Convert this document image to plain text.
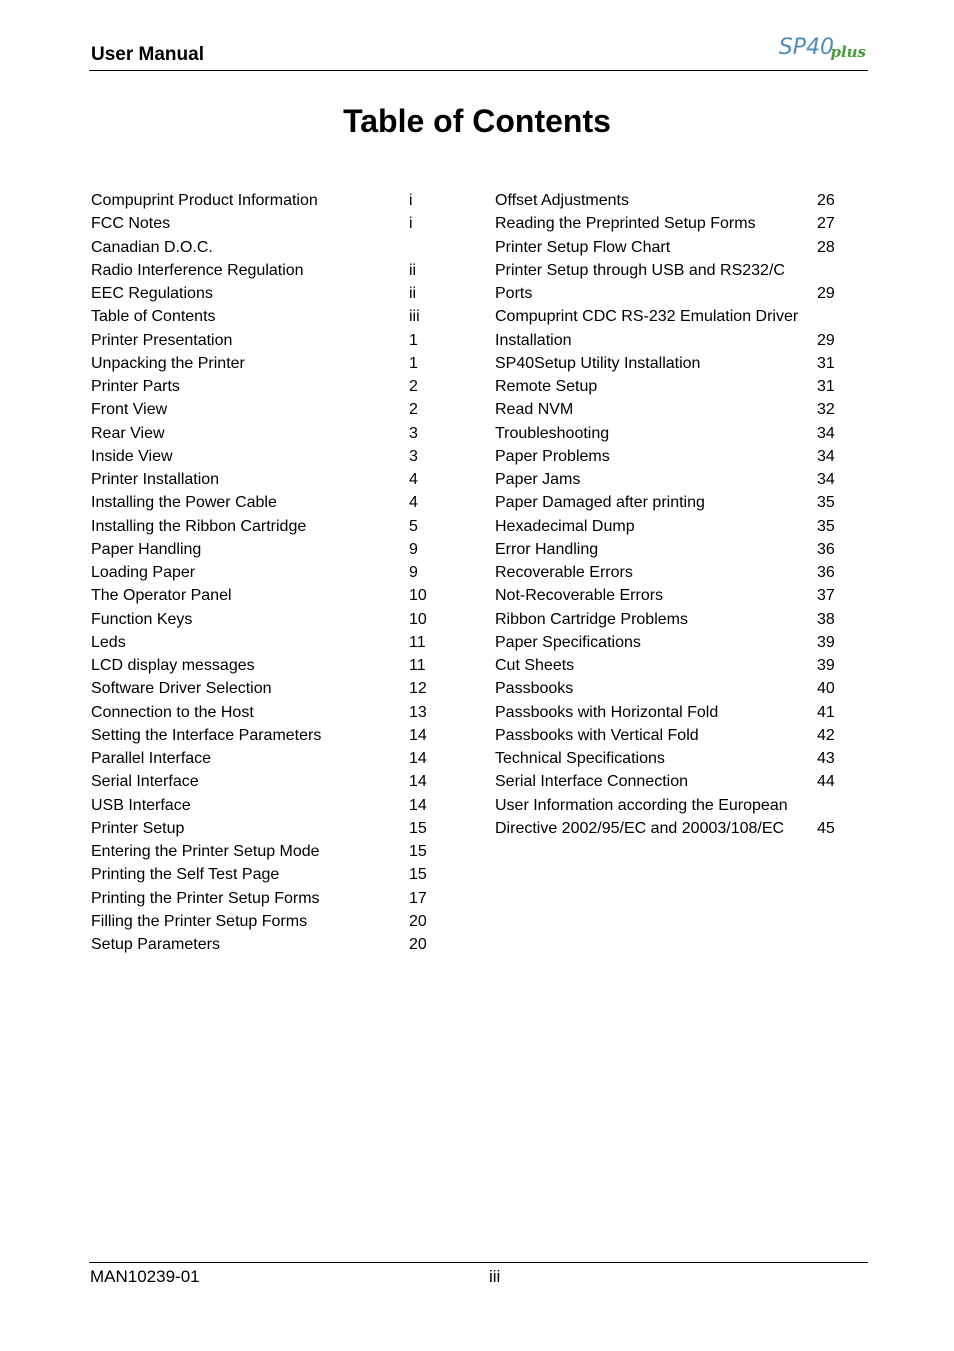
User Manual	SP40
plus
Table of Contents
Compuprint Product Information	i
FCC Notes	i
Canadian D.O.C.
Radio Interference Regulation	ii
EEC Regulations	ii
Table of Contents	iii
Printer Presentation	1
Unpacking the Printer	1
Printer Parts	2
Front View	2
Rear View	3
Inside View	3
Printer Installation	4
Installing the Power Cable	4
Installing the Ribbon Cartridge	5
Paper Handling	9
Loading Paper	9
The Operator Panel	10
Function Keys	10
Leds	11
LCD display messages	11
Software Driver Selection	12
Connection to the Host	13
Setting the Interface Parameters	14
Parallel Interface	14
Serial Interface	14
USB Interface	14
Printer Setup	15
Entering the Printer Setup Mode	15
Printing the Self Test Page	15
Printing the Printer Setup Forms	17
Filling the Printer Setup Forms	20
Setup Parameters	20
Offset Adjustments	26
Reading the Preprinted Setup Forms	27
Printer Setup Flow Chart	28
Printer Setup through USB and RS232/C
Ports	29
Compuprint CDC RS-232 Emulation Driver
Installation	29
SP40Setup Utility Installation	31
Remote Setup	31
Read NVM	32
Troubleshooting	34
Paper Problems	34
Paper Jams	34
Paper Damaged after printing	35
Hexadecimal Dump	35
Error Handling	36
Recoverable Errors	36
Not-Recoverable Errors	37
Ribbon Cartridge Problems	38
Paper Specifications	39
Cut Sheets	39
Passbooks	40
Passbooks with Horizontal Fold	41
Passbooks with Vertical Fold	42
Technical Specifications	43
Serial Interface Connection	44
User Information according the European
Directive 2002/95/EC and 20003/108/EC 45
MAN10239-01	iii
